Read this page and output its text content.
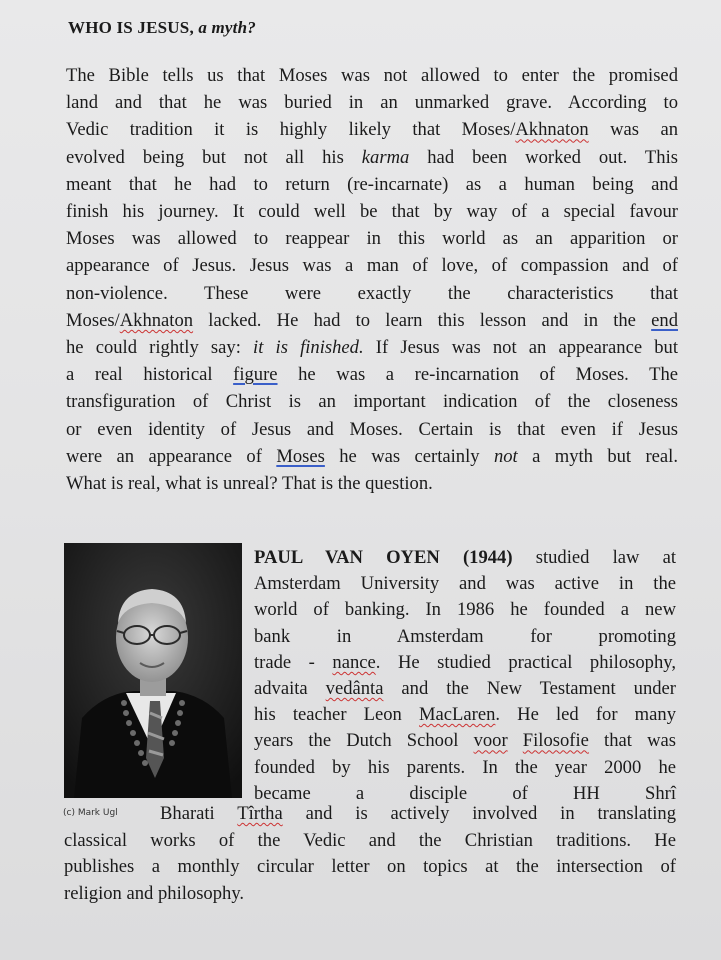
WHO IS JESUS, a myth?
The Bible tells us that Moses was not allowed to enter the promised
land and that he was buried in an unmarked grave. According to
Vedic tradition it is highly likely that Moses/Akhnaton was an
evolved being but not all his karma had been worked out. This
meant that he had to return (re-incarnate) as a human being and
finish his journey. It could well be that by way of a special favour
Moses was allowed to reappear in this world as an apparition or
appearance of Jesus. Jesus was a man of love, of compassion and of
non-violence. These were exactly the characteristics that
Moses/Akhnaton lacked. He had to learn this lesson and in the end
he could rightly say: it is finished. If Jesus was not an appearance but
a real historical figure he was a re-incarnation of Moses. The
transfiguration of Christ is an important indication of the closeness
or even identity of Jesus and Moses. Certain is that even if Jesus
were an appearance of Moses he was certainly not a myth but real.
What is real, what is unreal? That is the question.
(c) Mark Ugl
PAUL VAN OYEN (1944) studied law at
Amsterdam University and was active in the
world of banking. In 1986 he founded a new
bank in Amsterdam for promoting
trade - nance. He studied practical philosophy,
advaita vedânta and the New Testament under
his teacher Leon MacLaren. He led for many
years the Dutch School voor Filosofie that was
founded by his parents. In the year 2000 he
became a disciple of HH Shrî
Bharati Tîrtha and is actively involved in translating
classical works of the Vedic and the Christian traditions. He
publishes a monthly circular letter on topics at the intersection of
religion and philosophy.
